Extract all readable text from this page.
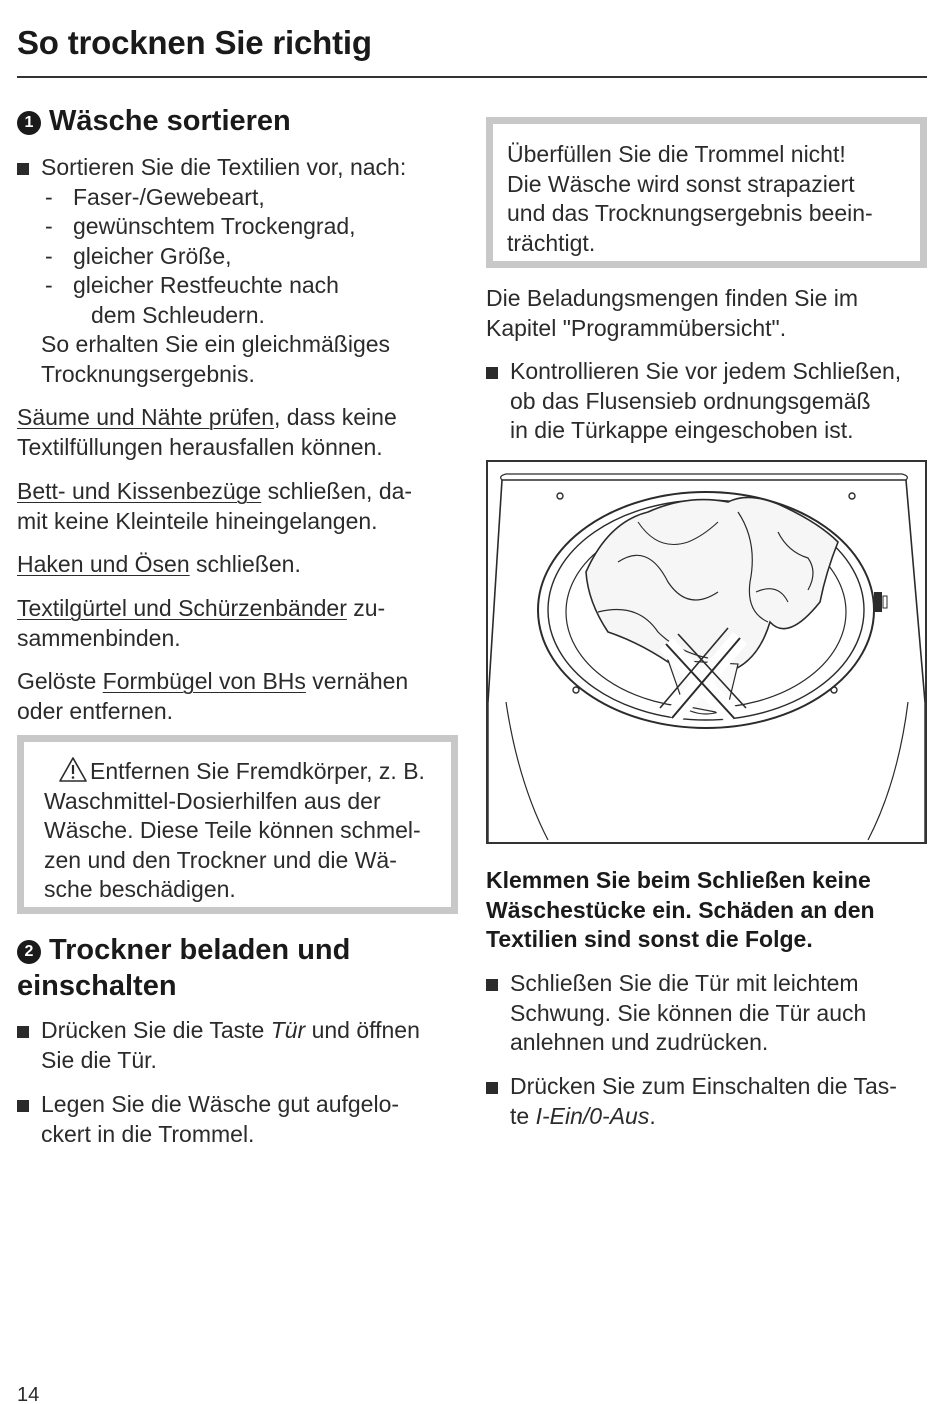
So trocknen Sie richtig
1 Wäsche sortieren
Sortieren Sie die Textilien vor, nach:
- Faser-/Gewebeart,
- gewünschtem Trockengrad,
- gleicher Größe,
- gleicher Restfeuchte nach
dem Schleudern.
So erhalten Sie ein gleichmäßiges
Trocknungsergebnis.
Säume und Nähte prüfen, dass keine
Textilfüllungen herausfallen können.
Bett- und Kissenbezüge schließen, da-
mit keine Kleinteile hineingelangen.
Haken und Ösen schließen.
Textilgürtel und Schürzenbänder zu-
sammenbinden.
Gelöste Formbügel von BHs vernähen
oder entfernen.
Entfernen Sie Fremdkörper, z. B.
Waschmittel-Dosierhilfen aus der
Wäsche. Diese Teile können schmel-
zen und den Trockner und die Wä-
sche beschädigen.
2 Trockner beladen und
einschalten
Drücken Sie die Taste Tür und öffnen
Sie die Tür.
Legen Sie die Wäsche gut aufgelo-
ckert in die Trommel.
Überfüllen Sie die Trommel nicht!
Die Wäsche wird sonst strapaziert
und das Trocknungsergebnis beein-
trächtigt.
Die Beladungsmengen finden Sie im
Kapitel "Programmübersicht".
Kontrollieren Sie vor jedem Schließen,
ob das Flusensieb ordnungsgemäß
in die Türkappe eingeschoben ist.
Klemmen Sie beim Schließen keine
Wäschestücke ein. Schäden an den
Textilien sind sonst die Folge.
Schließen Sie die Tür mit leichtem
Schwung. Sie können die Tür auch
anlehnen und zudrücken.
Drücken Sie zum Einschalten die Tas-
te I-Ein/0-Aus.
14
